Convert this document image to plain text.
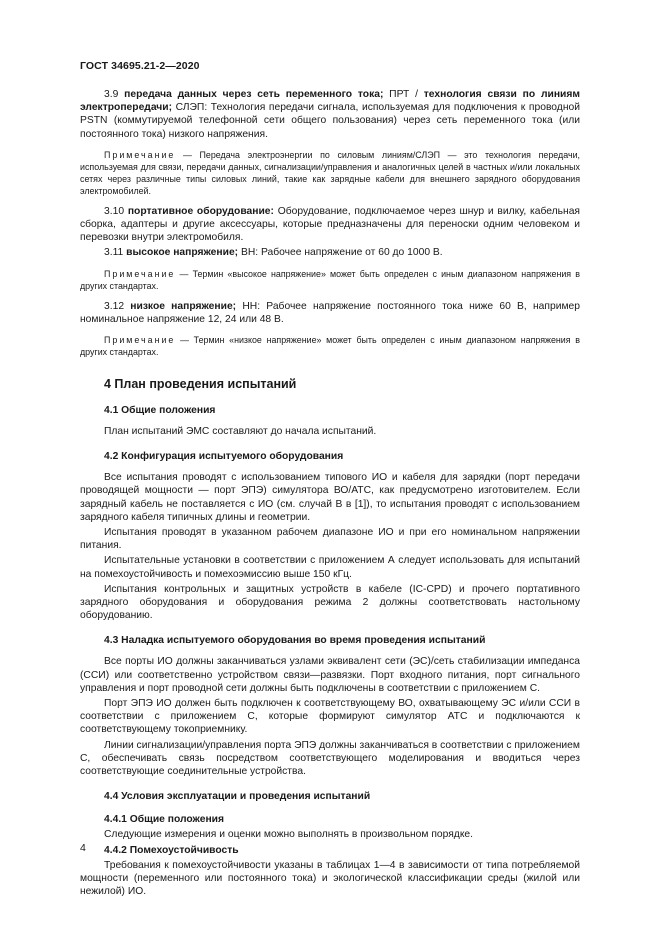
ГОСТ 34695.21-2—2020

3.9 передача данных через сеть переменного тока; ПРТ / технология связи по линиям электропередачи; СЛЭП: Технология передачи сигнала, используемая для подключения к проводной PSTN (коммутируемой телефонной сети общего пользования) через сеть переменного тока (или постоянного тока) низкого напряжения.

Примечание — Передача электроэнергии по силовым линиям/СЛЭП — это технология передачи, используемая для связи, передачи данных, сигнализации/управления и аналогичных целей в частных и/или локальных сетях через различные типы силовых линий, такие как зарядные кабели для внешнего зарядного оборудования электромобилей.

3.10 портативное оборудование: Оборудование, подключаемое через шнур и вилку, кабельная сборка, адаптеры и другие аксессуары, которые предназначены для переноски одним человеком и перевозки внутри электромобиля.

3.11 высокое напряжение; ВН: Рабочее напряжение от 60 до 1000 В.

Примечание — Термин «высокое напряжение» может быть определен с иным диапазоном напряжения в других стандартах.

3.12 низкое напряжение; НН: Рабочее напряжение постоянного тока ниже 60 В, например номинальное напряжение 12, 24 или 48 В.

Примечание — Термин «низкое напряжение» может быть определен с иным диапазоном напряжения в других стандартах.

4 План проведения испытаний
4.1 Общие положения

План испытаний ЭМС составляют до начала испытаний.

4.2 Конфигурация испытуемого оборудования

Все испытания проводят с использованием типового ИО и кабеля для зарядки (порт передачи проводящей мощности — порт ЭПЭ) симулятора ВО/АТС, как предусмотрено изготовителем. Если зарядный кабель не поставляется с ИО (см. случай В в [1]), то испытания проводят с использованием зарядного кабеля типичных длины и геометрии.

Испытания проводят в указанном рабочем диапазоне ИО и при его номинальном напряжении питания.

Испытательные установки в соответствии с приложением А следует использовать для испытаний на помехоустойчивость и помехоэмиссию выше 150 кГц.

Испытания контрольных и защитных устройств в кабеле (IC-CPD) и прочего портативного зарядного оборудования и оборудования режима 2 должны соответствовать настольному оборудованию.

4.3 Наладка испытуемого оборудования во время проведения испытаний

Все порты ИО должны заканчиваться узлами эквивалент сети (ЭС)/сеть стабилизации импеданса (ССИ) или соответственно устройством связи—развязки. Порт входного питания, порт сигнального управления и порт проводной сети должны быть подключены в соответствии с приложением С.

Порт ЭПЭ ИО должен быть подключен к соответствующему ВО, охватывающему ЭС и/или ССИ в соответствии с приложением С, которые формируют симулятор АТС и подключаются к соответствующему токоприемнику.

Линии сигнализации/управления порта ЭПЭ должны заканчиваться в соответствии с приложением С, обеспечивать связь посредством соответствующего моделирования и вводиться через соответствующие соединительные устройства.

4.4 Условия эксплуатации и проведения испытаний
4.4.1 Общие положения

Следующие измерения и оценки можно выполнять в произвольном порядке.

4.4.2 Помехоустойчивость

Требования к помехоустойчивости указаны в таблицах 1—4 в зависимости от типа потребляемой мощности (переменного или постоянного тока) и экологической классификации среды (жилой или нежилой) ИО.

4
